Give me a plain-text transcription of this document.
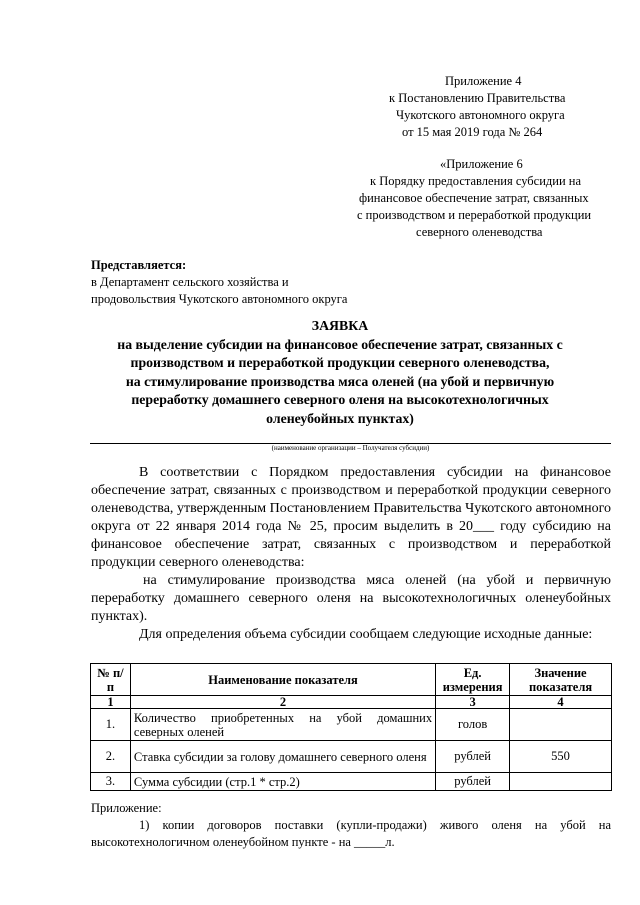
Приложение 4
к Постановлению Правительства
Чукотского автономного округа
от 15 мая 2019 года № 264
«Приложение 6
к Порядку предоставления субсидии на
финансовое обеспечение затрат, связанных
с производством и переработкой продукции
северного оленеводства
Представляется:
в Департамент сельского хозяйства и
продовольствия Чукотского автономного округа
ЗАЯВКА
на выделение субсидии на финансовое обеспечение затрат, связанных с
производством и переработкой продукции северного оленеводства,
на стимулирование производства мяса оленей (на убой и первичную
переработку домашнего северного оленя на высокотехнологичных
оленеубойных пунктах)
(наименование организации – Получателя субсидии)

В соответствии с Порядком предоставления субсидии на финансовое обеспечение затрат, связанных с производством и переработкой продукции северного оленеводства, утвержденным Постановлением Правительства Чукотского автономного округа от 22 января 2014 года № 25, просим выделить в 20___ году субсидию на финансовое обеспечение затрат, связанных с производством и переработкой продукции северного оленеводства:

на стимулирование производства мяса оленей (на убой и первичную переработку домашнего северного оленя на высокотехнологичных оленеубойных пунктах).

Для определения объема субсидии сообщаем следующие исходные данные:

№ п/п	Наименование показателя	Ед. измерения	Значение показателя
1	2	3	4
1.	Количество приобретенных на убой домашних северных оленей	голов	
2.	Ставка субсидии за голову домашнего северного оленя	рублей	550
3.	Сумма субсидии (стр.1 * стр.2)	рублей	

Приложение:

1) копии договоров поставки (купли-продажи) живого оленя на убой на высокотехнологичном оленеубойном пункте - на _____л.
